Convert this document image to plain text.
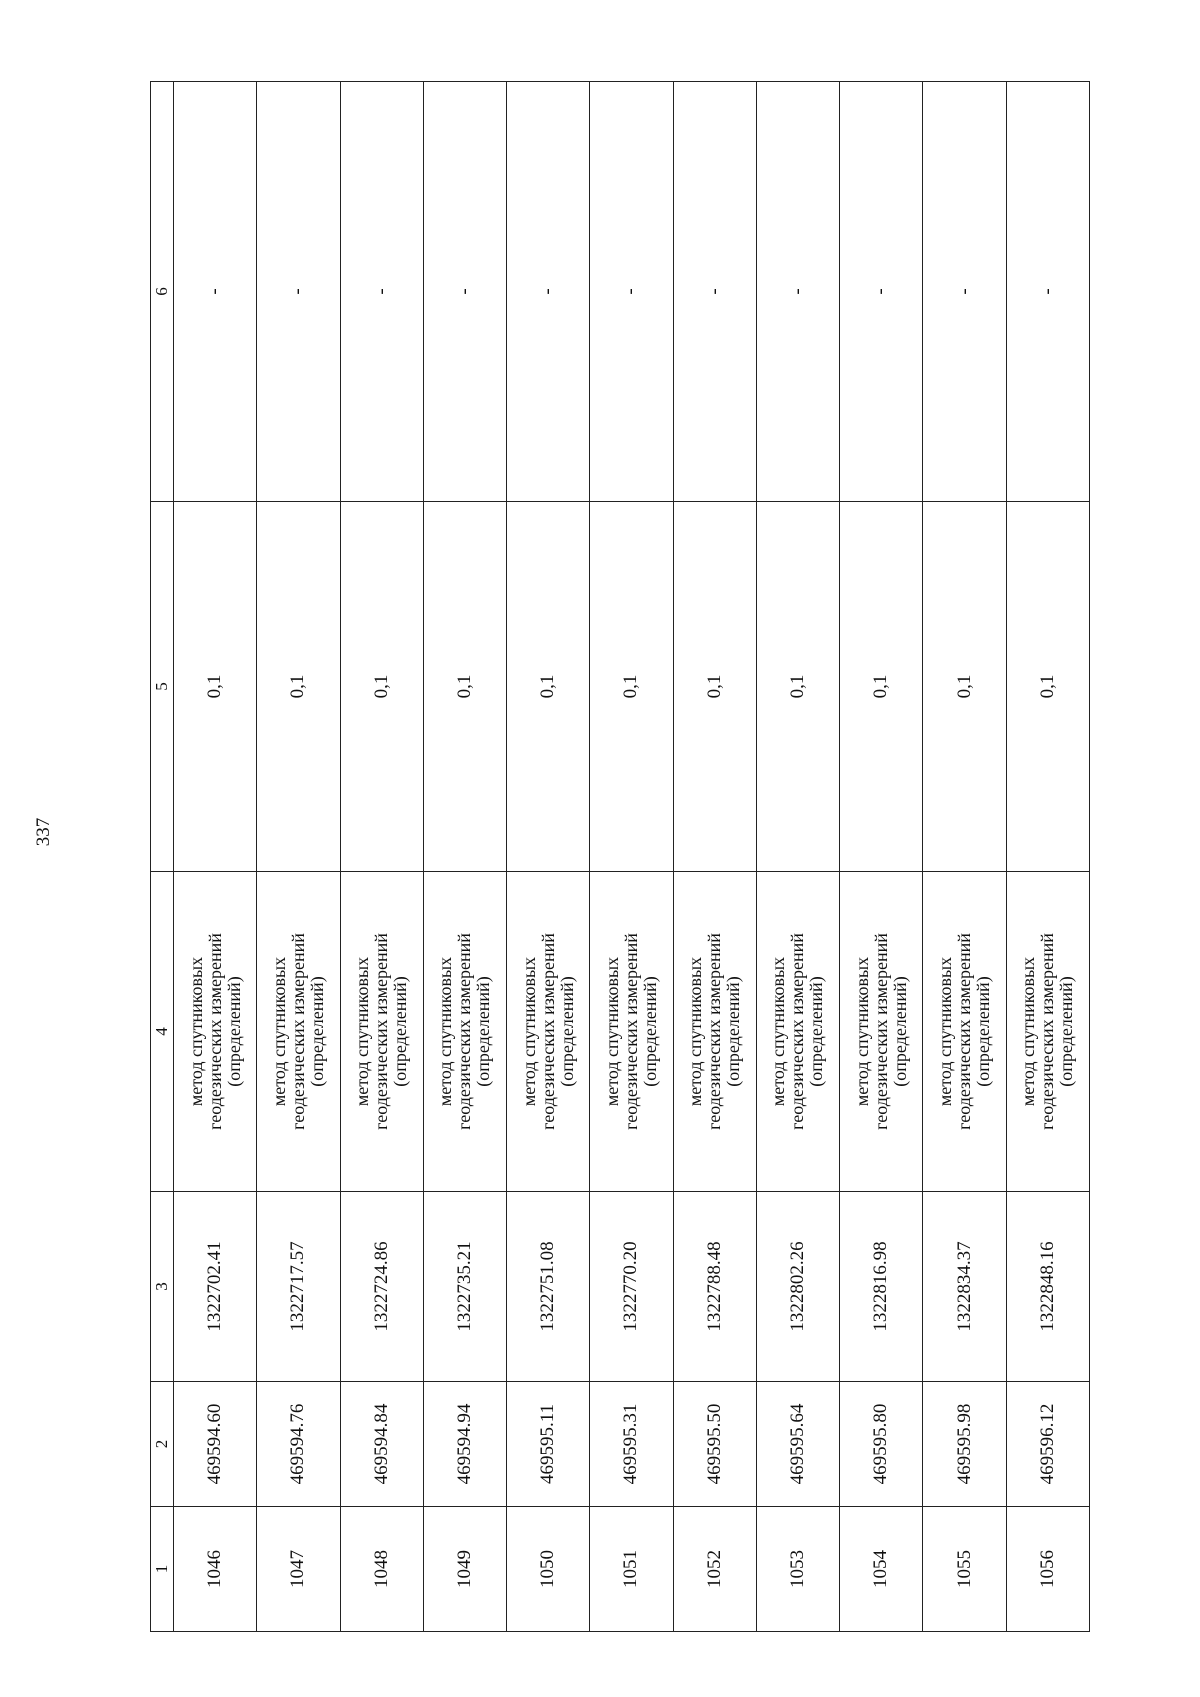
337
1	2	3	4	5	6
1046	469594.60	1322702.41	метод спутниковых геодезических измерений (определений)	0,1	-
1047	469594.76	1322717.57	метод спутниковых геодезических измерений (определений)	0,1	-
1048	469594.84	1322724.86	метод спутниковых геодезических измерений (определений)	0,1	-
1049	469594.94	1322735.21	метод спутниковых геодезических измерений (определений)	0,1	-
1050	469595.11	1322751.08	метод спутниковых геодезических измерений (определений)	0,1	-
1051	469595.31	1322770.20	метод спутниковых геодезических измерений (определений)	0,1	-
1052	469595.50	1322788.48	метод спутниковых геодезических измерений (определений)	0,1	-
1053	469595.64	1322802.26	метод спутниковых геодезических измерений (определений)	0,1	-
1054	469595.80	1322816.98	метод спутниковых геодезических измерений (определений)	0,1	-
1055	469595.98	1322834.37	метод спутниковых геодезических измерений (определений)	0,1	-
1056	469596.12	1322848.16	метод спутниковых геодезических измерений (определений)	0,1	-
